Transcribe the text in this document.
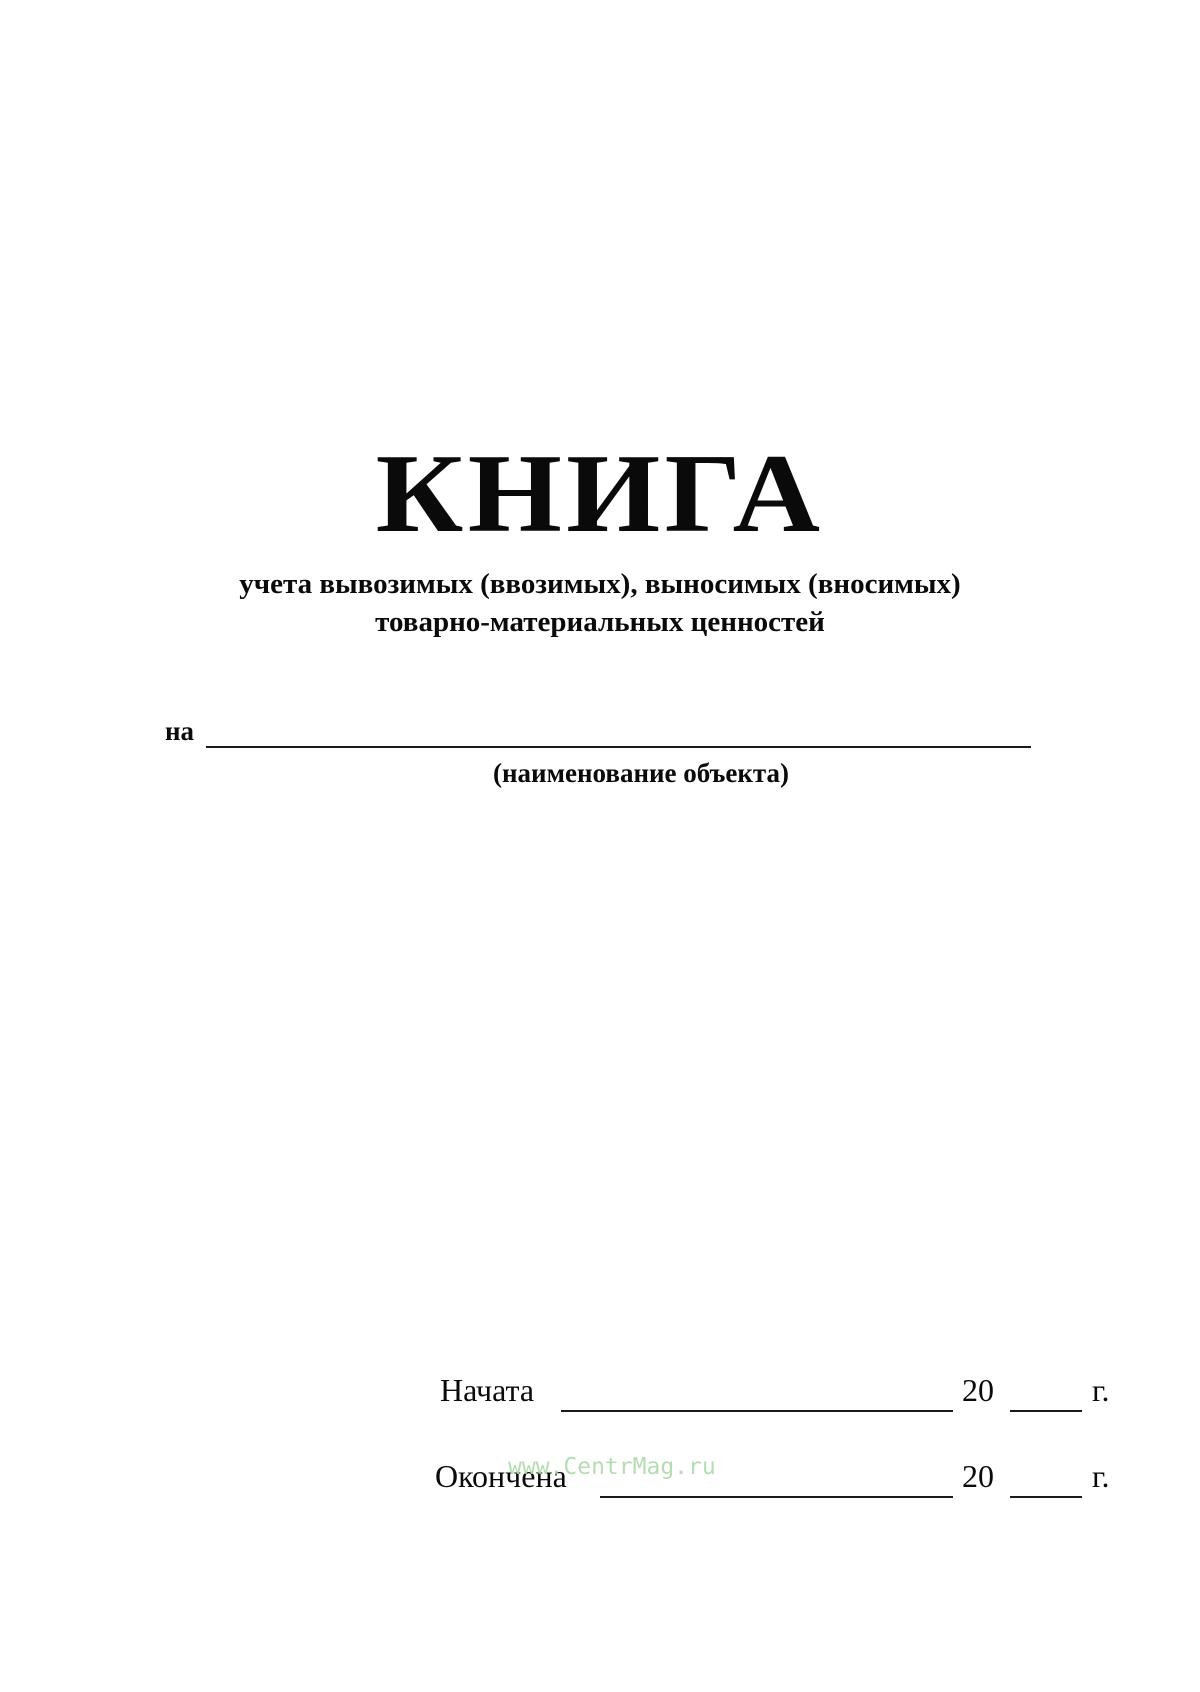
КНИГА
учета вывозимых (ввозимых), выносимых (вносимых)
товарно-материальных ценностей
на
(наименование объекта)
Начата	20	г.
Окончена	20	г.
www.CentrMag.ru
